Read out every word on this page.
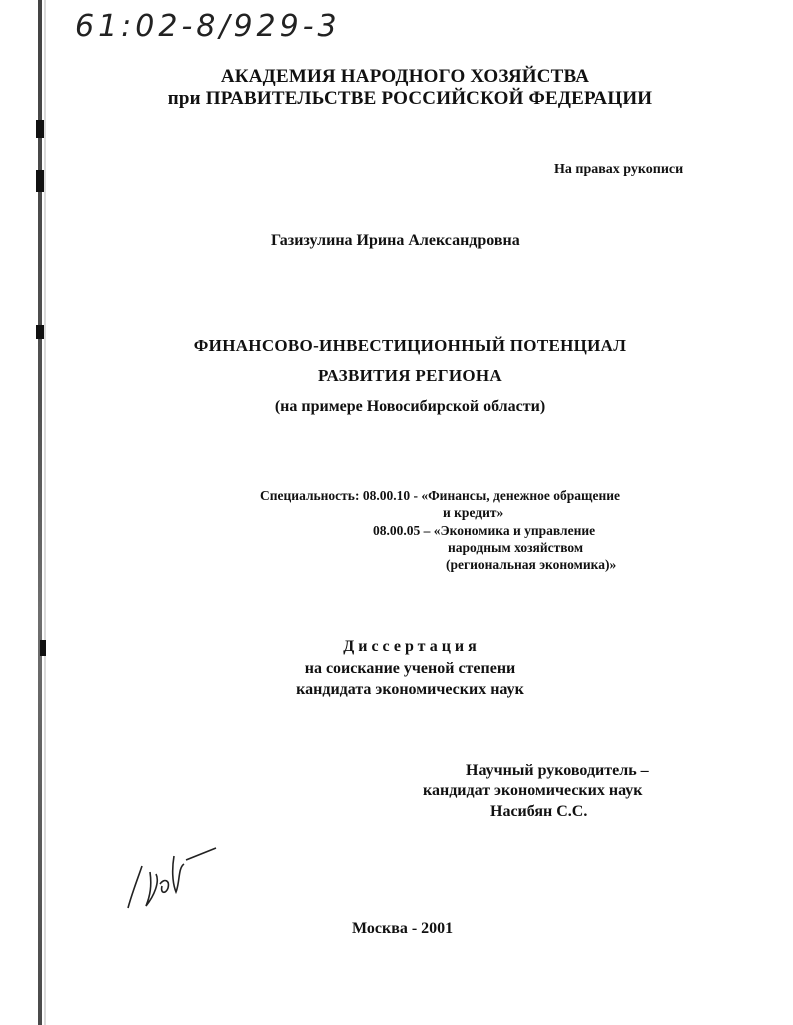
61:02-8/929-3
АКАДЕМИЯ НАРОДНОГО ХОЗЯЙСТВА
при ПРАВИТЕЛЬСТВЕ РОССИЙСКОЙ ФЕДЕРАЦИИ
На правах рукописи
Газизулина Ирина Александровна
ФИНАНСОВО-ИНВЕСТИЦИОННЫЙ ПОТЕНЦИАЛ
РАЗВИТИЯ РЕГИОНА
(на примере Новосибирской области)
Специальность: 08.00.10 - «Финансы, денежное обращение
и кредит»
08.00.05 – «Экономика и управление
народным хозяйством
(региональная экономика)»
Диссертация
на соискание ученой степени
кандидата экономических наук
Научный руководитель –
кандидат экономических наук
Насибян С.С.
Москва - 2001
